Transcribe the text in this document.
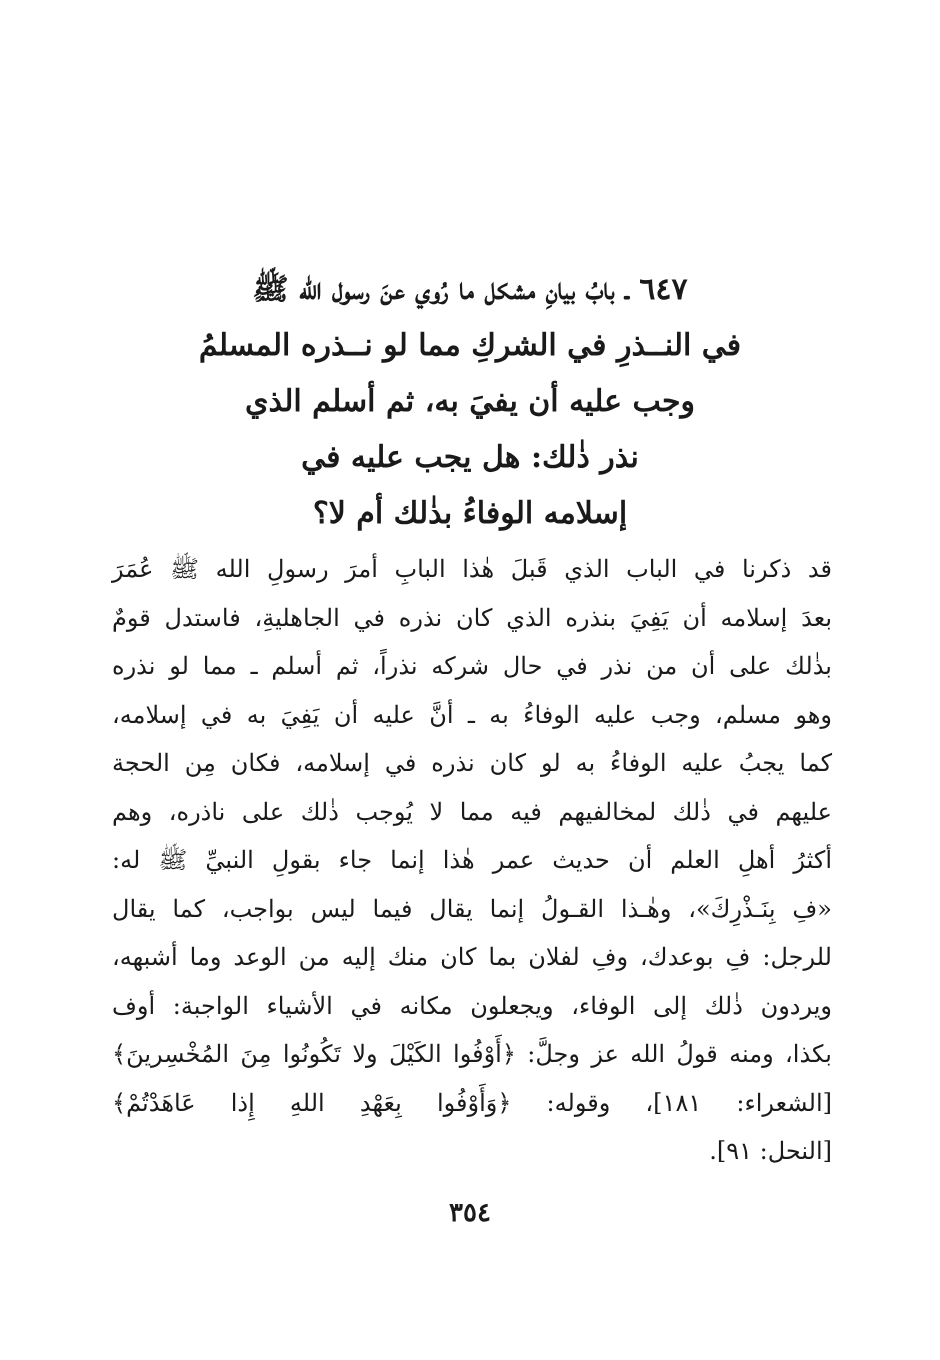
٦٤٧ ـ بابُ بيانِ مشكل ما رُوي عنَ رسول الله ﷺ
في النــذرِ في الشركِ مما لو نــذره المسلمُ
وجب عليه أن يفيَ به، ثم أسلم الذي
نذر ذٰلك: هل يجب عليه في
إسلامه الوفاءُ بذٰلك أم لا؟
قد ذكرنا في الباب الذي قَبلَ هٰذا البابِ أمرَ رسولِ الله ﷺ عُمَرَ
بعدَ إسلامه أن يَفِيَ بنذره الذي كان نذره في الجاهليةِ، فاستدل قومٌ
بذٰلك على أن من نذر في حال شركه نذراً، ثم أسلم ـ مما لو نذره
وهو مسلم، وجب عليه الوفاءُ به ـ أنَّ عليه أن يَفِيَ به في إسلامه،
كما يجبُ عليه الوفاءُ به لو كان نذره في إسلامه، فكان مِن الحجة
عليهم في ذٰلك لمخالفيهم فيه مما لا يُوجب ذٰلك على ناذره، وهم
أكثرُ أهلِ العلم أن حديث عمر هٰذا إنما جاء بقولِ النبيِّ ﷺ له:
«فِ بِنَـذْرِكَ»، وهٰـذا القـولُ إنما يقال فيما ليس بواجب، كما يقال
للرجل: فِ بوعدك، وفِ لفلان بما كان منك إليه من الوعد وما أشبهه،
ويردون ذٰلك إلى الوفاء، ويجعلون مكانه في الأشياء الواجبة: أوف
بكذا، ومنه قولُ الله عز وجلَّ: ﴿أَوْفُوا الكَيْلَ ولا تَكُونُوا مِنَ المُخْسِرينَ﴾
[الشعراء: ١٨١]، وقوله: ﴿وَأَوْفُوا بِعَهْدِ اللهِ إِذا عَاهَدْتُمْ﴾
[النحل: ٩١].
٣٥٤
